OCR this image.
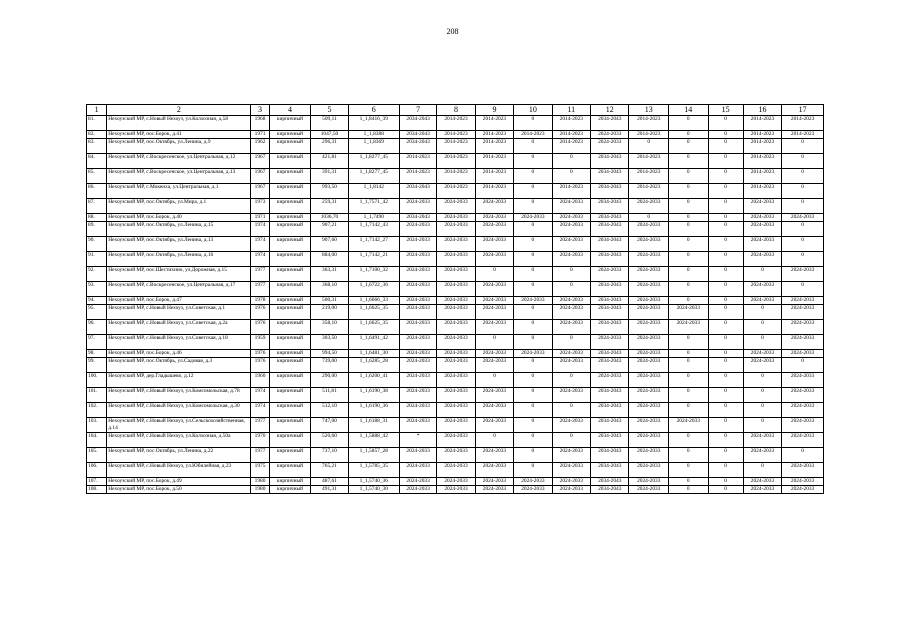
208
1	2	3	4	5	6	7	8	9	10	11	12	13	14	15	16	17
81.	Нехоузский МР, с.Новый Нехоуз, ул.Колхозная, д.58	1968	кирпичный	509,11	1_1,8416_39	2034-2043	2014-2023	2014-2023	0	2014-2023	2034-2043	2014-2023	0	0	2014-2023	2014-2023
82.	Нехоузский МР, пос.Борок, д.41	1971	кирпичный	1047,50	1_1,8388	2034-2043	2014-2023	2014-2023	2014-2023	2014-2023	2024-2033	2014-2023	0	0	2014-2023	2014-2023
83.	Нехоузский МР, пос.Октябрь, ул.Ленина, д.9	1962	кирпичный	296,31	1_1,8369	2034-2043	2014-2023	2014-2023	0	2014-2023	2024-2033	0	0	0	2014-2023	0
84.	Нехоузский МР, с.Воскресенское, ул.Центральная, д.12	1967	кирпичный	421,81	1_1,8277_45	2014-2023	2014-2023	2014-2023	0	0	2034-2043	2014-2023	0	0	2014-2023	0
85.	Нехоузский МР, с.Воскресенское, ул.Центральная, д.13	1967	кирпичный	391,31	1_1,8277_45	2014-2023	2014-2023	2014-2023	0	0	2034-2043	2014-2023	0	0	2014-2023	0
86.	Нехоузский МР, с.Мокеиха, ул.Центральная, д.1	1967	кирпичный	993,50	1_1,8142	2034-2043	2014-2023	2014-2023	0	2014-2023	2034-2043	2014-2023	0	0	2014-2023	0
87.	Нехоузский МР, пос.Октябрь, ул.Мира, д.1	1973	кирпичный	259,31	1_1,7571_42	2024-2033	2024-2033	2024-2033	0	2024-2033	2034-2043	2024-2033	0	0	2024-2033	0
88.	Нехоузский МР, пос.Борок, д.40	1971	кирпичный	1036,70	1_1,7490	2034-2043	2024-2033	2024-2033	2024-2033	2024-2033	2034-2043	0	0	0	2024-2033	2024-2033
89.	Нехоузский МР, пос.Октябрь, ул.Ленина, д.15	1974	кирпичный	907,21	1_1,7142_43	2024-2033	2024-2033	2024-2033	0	2024-2033	2034-2043	2024-2033	0	0	2024-2033	0
90.	Нехоузский МР, пос.Октябрь, ул.Ленина, д.13	1974	кирпичный	907,60	1_1,7142_27	2024-2033	2024-2033	2024-2033	0	2024-2033	2034-2043	2024-2033	0	0	2024-2033	0
91.	Нехоузский МР, пос.Октябрь, ул.Ленина, д.16	1974	кирпичный	884,00	1_1,7142_21	2024-2033	2024-2033	2024-2033	0	2024-2033	2034-2043	2024-2033	0	0	2024-2033	0
92.	Нехоузский МР, пос.Шестихино, ул.Дорожная, д.15	1977	кирпичный	363,31	1_1,7100_32	2024-2033	2024-2033	0	0	0	2024-2033	2024-2033	0	0	0	2024-2033
93.	Нехоузский МР, с.Воскресенское, ул.Центральная, д.17	1977	кирпичный	368,10	1_1,6722_36	2024-2033	2024-2033	2024-2033	0	0	2034-2043	2024-2033	0	0	2024-2033	0
94.	Нехоузский МР, пос.Борок, д.47	1978	кирпичный	500,31	1_1,6666_33	2024-2033	2024-2033	2024-2033	2024-2033	2024-2033	2034-2043	2024-2033	0	0	2024-2033	2024-2033
95.	Нехоузский МР, с.Новый Нехоуз, ул.Советская, д.1	1976	кирпичный	219,00	1_1,6625_35	2024-2033	2024-2033	2024-2033	0	2024-2033	2034-2043	2024-2033	2024-2033	0	0	2024-2033
96.	Нехоузский МР, с.Новый Нехоуз, ул.Советская, д.2а	1976	кирпичный	358,10	1_1,6625_35	2024-2033	2024-2033	2024-2033	0	2024-2033	2034-2043	2024-2033	2024-2033	0	0	2024-2033
97.	Нехоузский МР, с.Новый Нехоуз, ул.Советская, д.18	1959	кирпичный	303,50	1_1,6491_42	2024-2033	2024-2033	0	0	0	2024-2033	2024-2033	0	0	0	2024-2033
98.	Нехоузский МР, пос.Борок, д.46	1976	кирпичный	994,50	1_1,6481_30	2024-2033	2024-2033	2024-2033	2024-2033	2024-2033	2034-2043	2024-2033	0	0	2024-2033	2024-2033
99.	Нехоузский МР, пос.Октябрь, ул.Садовая, д.3	1976	кирпичный	739,00	1_1,6285_28	2024-2033	2024-2033	2024-2033	0	2024-2033	2034-2043	2024-2033	0	0	2024-2033	0
100.	Нехоузский МР, дер.Гладышево, д.12	1960	кирпичный	290,00	1_1,6200_41	2024-2033	2024-2033	0	0	0	2024-2033	2024-2033	0	0	0	2024-2033
101.	Нехоузский МР, с.Новый Нехоуз, ул.Комсомольская, д.78	1974	кирпичный	511,81	1_1,6190_38	2024-2033	2024-2033	2024-2033	0	2024-2033	2034-2043	2024-2033	0	0	0	2024-2033
102.	Нехоузский МР, с.Новый Нехоуз, ул.Комсомольская, д.30	1974	кирпичный	512,10	1_1,6190_36	2024-2033	2024-2033	2024-2033	0	0	2034-2043	2024-2033	0	0	0	2024-2033
103.	Нехоузский МР, с.Новый Нехоуз, ул.Сельскохозяйственная, д.14	1977	кирпичный	747,00	1_1,6188_31	2024-2033	2024-2033	2024-2033	0	2024-2033	2034-2043	2024-2033	2024-2033	0	0	2024-2033
104.	Нехоузский МР, с.Новый Нехоуз, ул.Колхозная, д.50а	1970	кирпичный	520,60	1_1,5888_42	*	2024-2033	0	0	0	2034-2043	2024-2033	0	0	2024-2033	2024-2033
105.	Нехоузский МР, пос.Октябрь, ул.Ленина, д.22	1977	кирпичный	737,10	1_1,5857_28	2024-2033	2024-2033	2024-2033	0	2024-2033	2034-2043	2024-2033	0	0	2024-2033	0
106.	Нехоузский МР, с.Новый Нехоуз, ул.Юбилейная, д.23	1975	кирпичный	765,21	1_1,5785_35	2024-2033	2024-2033	2024-2033	0	2024-2033	2034-2043	2024-2033	0	0	0	2024-2033
107.	Нехоузский МР, пос.Борок, д.49	1980	кирпичный	487,61	1_1,5740_36	2024-2033	2024-2033	2024-2033	2024-2033	2024-2033	2034-2043	2024-2033	0	0	2024-2033	2024-2033
108.	Нехоузский МР, пос.Борок, д.50	1980	кирпичный	491,31	1_1,5740_30	2024-2033	2024-2033	2024-2033	2024-2033	2024-2033	2034-2043	2024-2033	0	0	2024-2033	2024-2033
